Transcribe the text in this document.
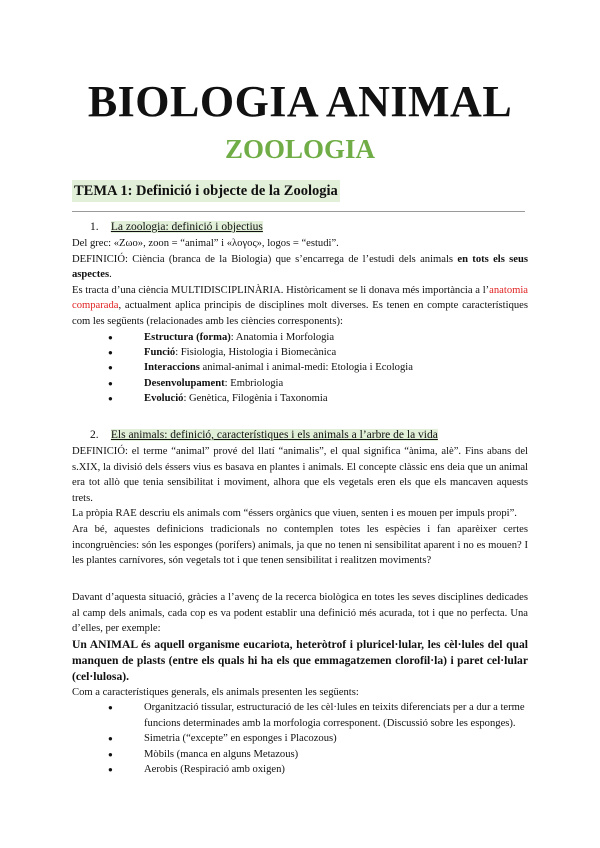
BIOLOGIA ANIMAL
ZOOLOGIA
TEMA 1: Definició i objecte de la Zoologia
1. La zoologia: definició i objectius

Del grec: «Ζωο», zoon = “animal” i «λογος», logos = “estudi”.

DEFINICIÓ: Ciència (branca de la Biologia) que s’encarrega de l’estudi dels animals en tots els seus aspectes.

Es tracta d’una ciència MULTIDISCIPLINÀRIA. Històricament se li donava més importància a l’anatomia comparada, actualment aplica principis de disciplines molt diverses. Es tenen en compte característiques com les següents (relacionades amb les ciències corresponents):

● Estructura (forma): Anatomia i Morfologia
● Funció: Fisiologia, Histologia i Biomecànica
● Interaccions animal-animal i animal-medi: Etologia i Ecologia
● Desenvolupament: Embriologia
● Evolució: Genètica, Filogènia i Taxonomia
2. Els animals: definició, característiques i els animals a l’arbre de la vida

DEFINICIÓ: el terme “animal” prové del llatí “animalis”, el qual significa “ànima, alè”. Fins abans del s.XIX, la divisió dels éssers vius es basava en plantes i animals. El concepte clàssic ens deia que un animal era tot allò que tenia sensibilitat i moviment, alhora que els vegetals eren els que els mancaven aquests trets.

La pròpia RAE descriu els animals com “éssers orgànics que viuen, senten i es mouen per impuls propi”.

Ara bé, aquestes definicions tradicionals no contemplen totes les espècies i fan aparèixer certes incongruències: són les esponges (porífers) animals, ja que no tenen ni sensibilitat aparent i no es mouen? I les plantes carnívores, són vegetals tot i que tenen sensibilitat i realitzen moviments?

Davant d’aquesta situació, gràcies a l’avenç de la recerca biològica en totes les seves disciplines dedicades al camp dels animals, cada cop es va podent establir una definició més acurada, tot i que no perfecta. Una d’elles, per exemple:

Un ANIMAL és aquell organisme eucariota, heteròtrof i pluricel·lular, les cèl·lules del qual manquen de plasts (entre els quals hi ha els que emmagatzemen clorofil·la) i paret cel·lular (cel·lulosa).

Com a característiques generals, els animals presenten les següents:

● Organització tissular, estructuració de les cèl·lules en teixits diferenciats per a dur a terme funcions determinades amb la morfologia corresponent. (Discussió sobre les esponges).
● Simetria (“excepte” en esponges i Placozous)
● Mòbils (manca en alguns Metazous)
● Aerobis (Respiració amb oxigen)
